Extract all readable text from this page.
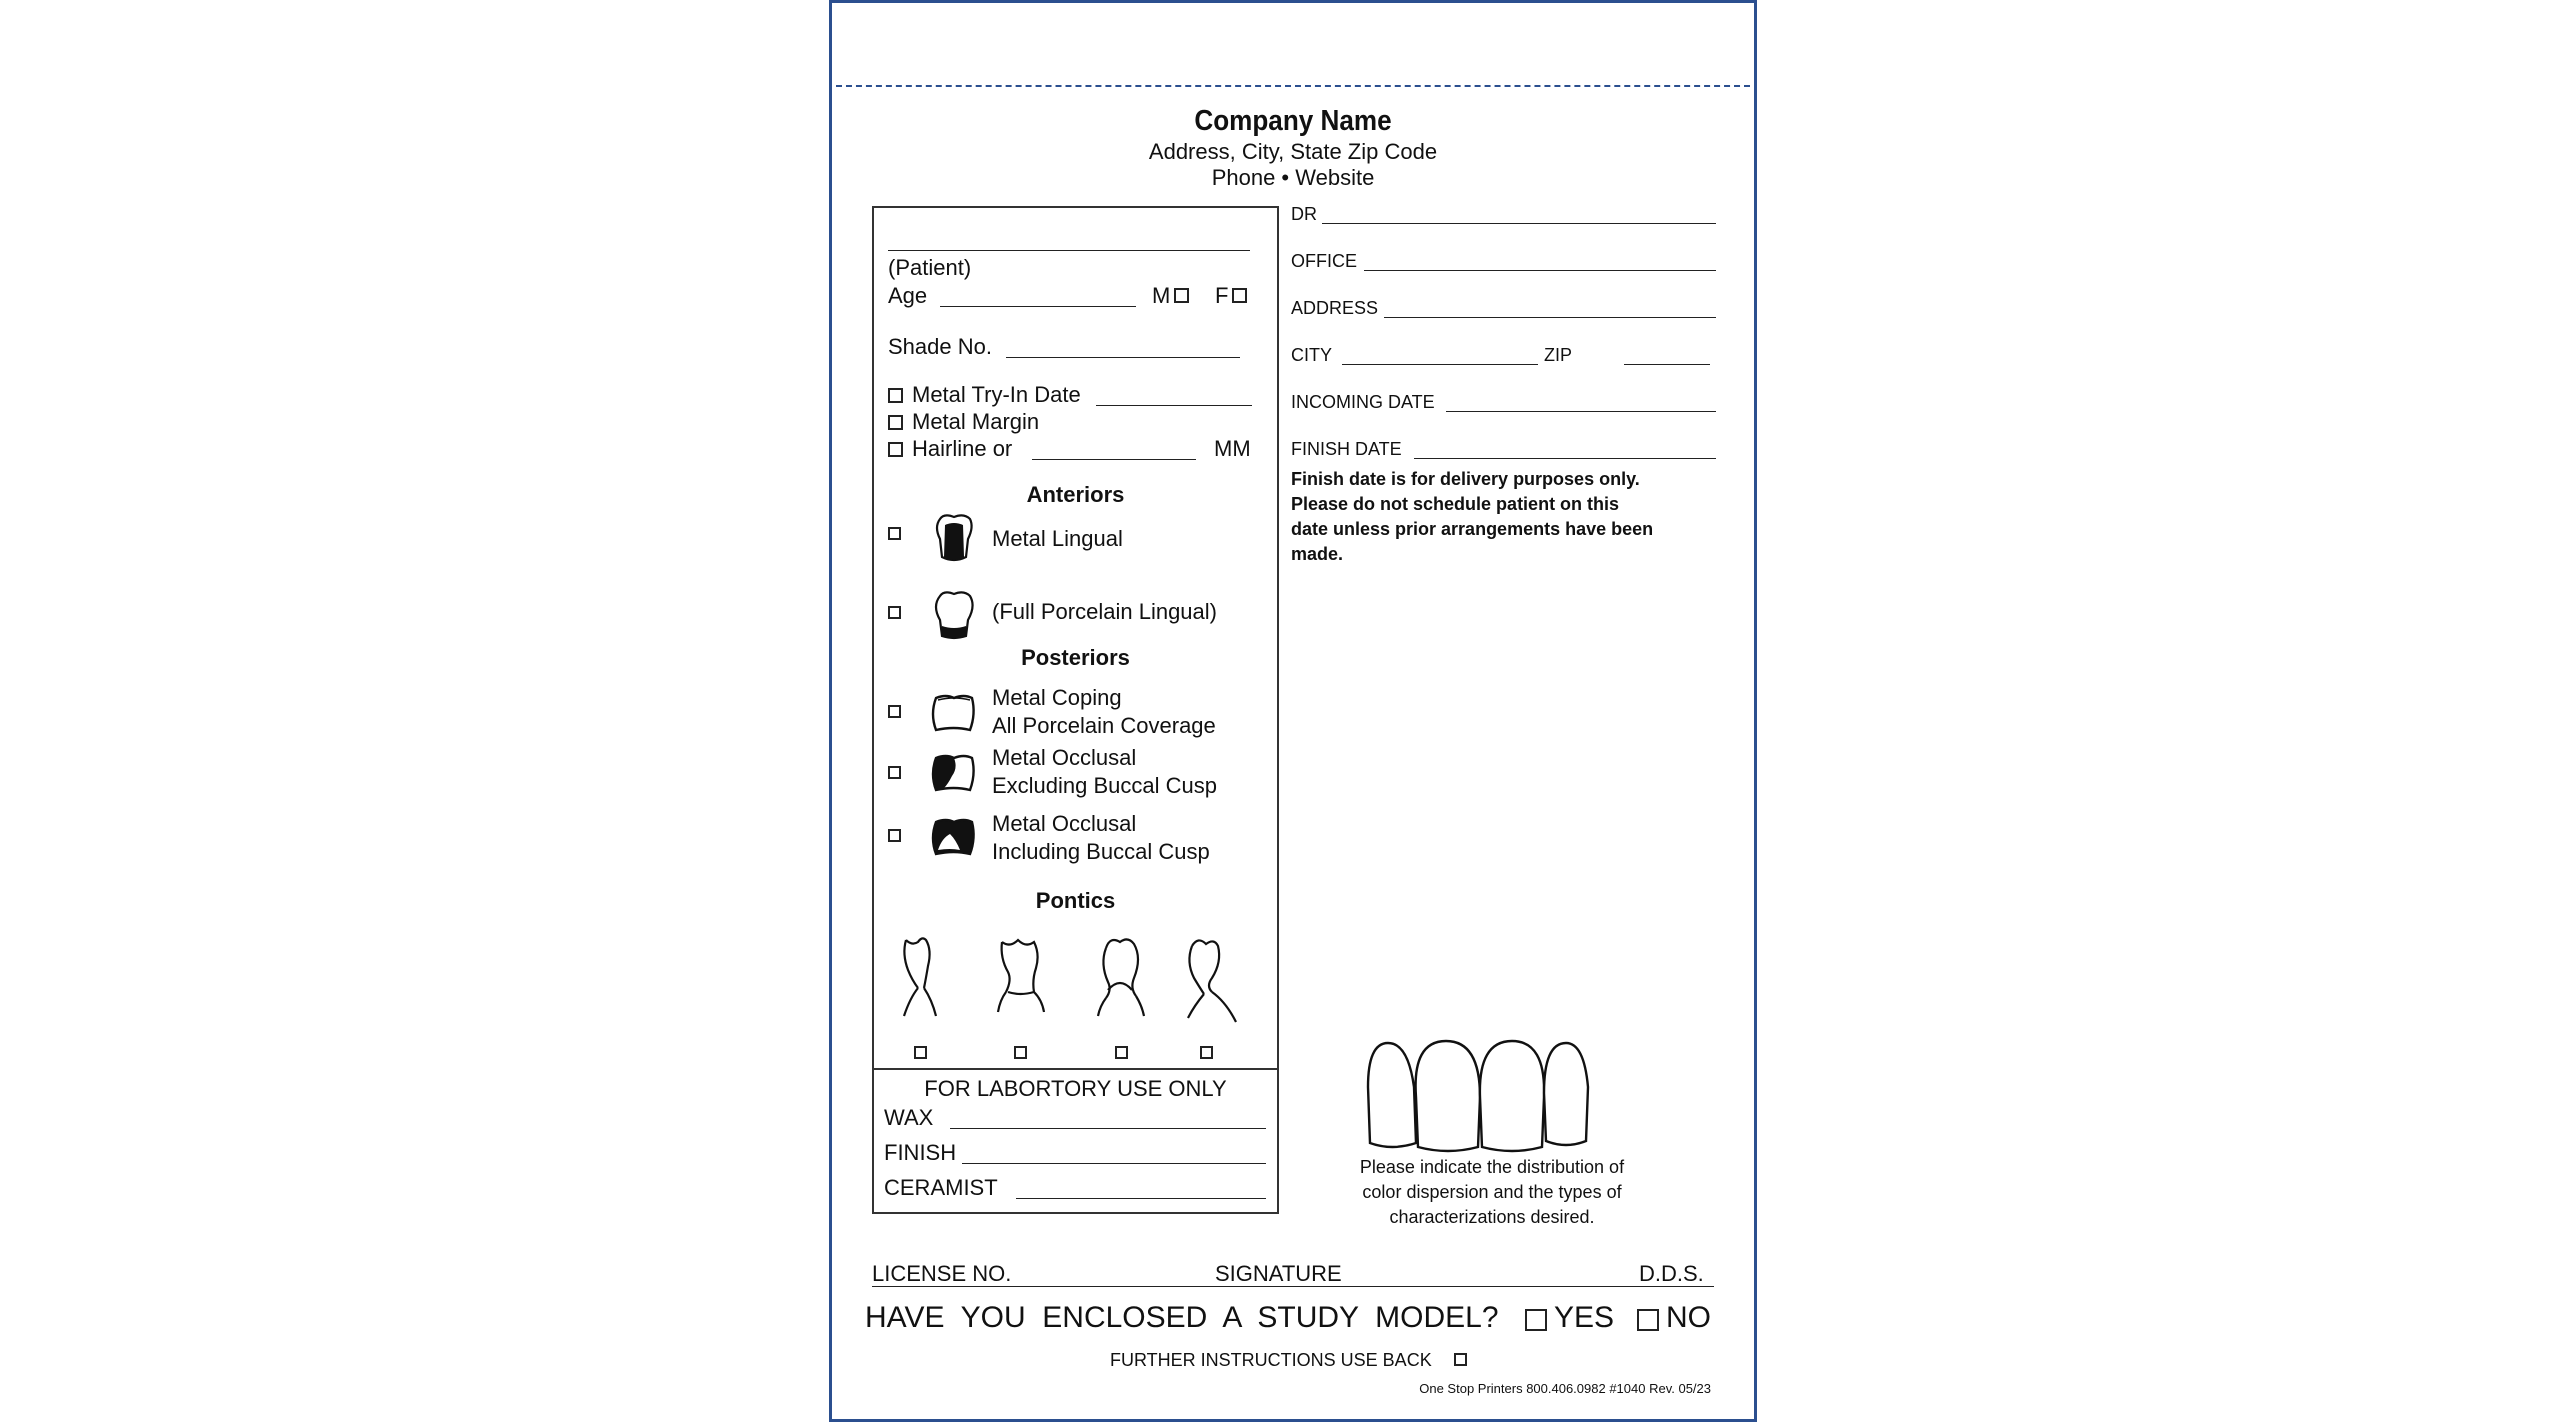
Company Name
Address, City, State Zip Code
Phone • Website
(Patient)
Age	M F
Shade No.
Metal Try-In Date
Metal Margin
Hairline or	MM
Anteriors
Metal Lingual
(Full Porcelain Lingual)
Posteriors
Metal Coping
All Porcelain Coverage
Metal Occlusal
Excluding Buccal Cusp
Metal Occlusal
Including Buccal Cusp
Pontics
FOR LABORTORY USE ONLY
WAX
FINISH
CERAMIST
DR
OFFICE
ADDRESS
CITY	ZIP
INCOMING DATE
FINISH DATE
Finish date is for delivery purposes only.
Please do not schedule patient on this
date unless prior arrangements have been
made.
Please indicate the distribution of
color dispersion and the types of
characterizations desired.
LICENSE NO.	SIGNATURE	D.D.S.
HAVE  YOU  ENCLOSED  A  STUDY  MODEL? YES NO
FURTHER INSTRUCTIONS USE BACK
One Stop Printers 800.406.0982 #1040 Rev. 05/23
